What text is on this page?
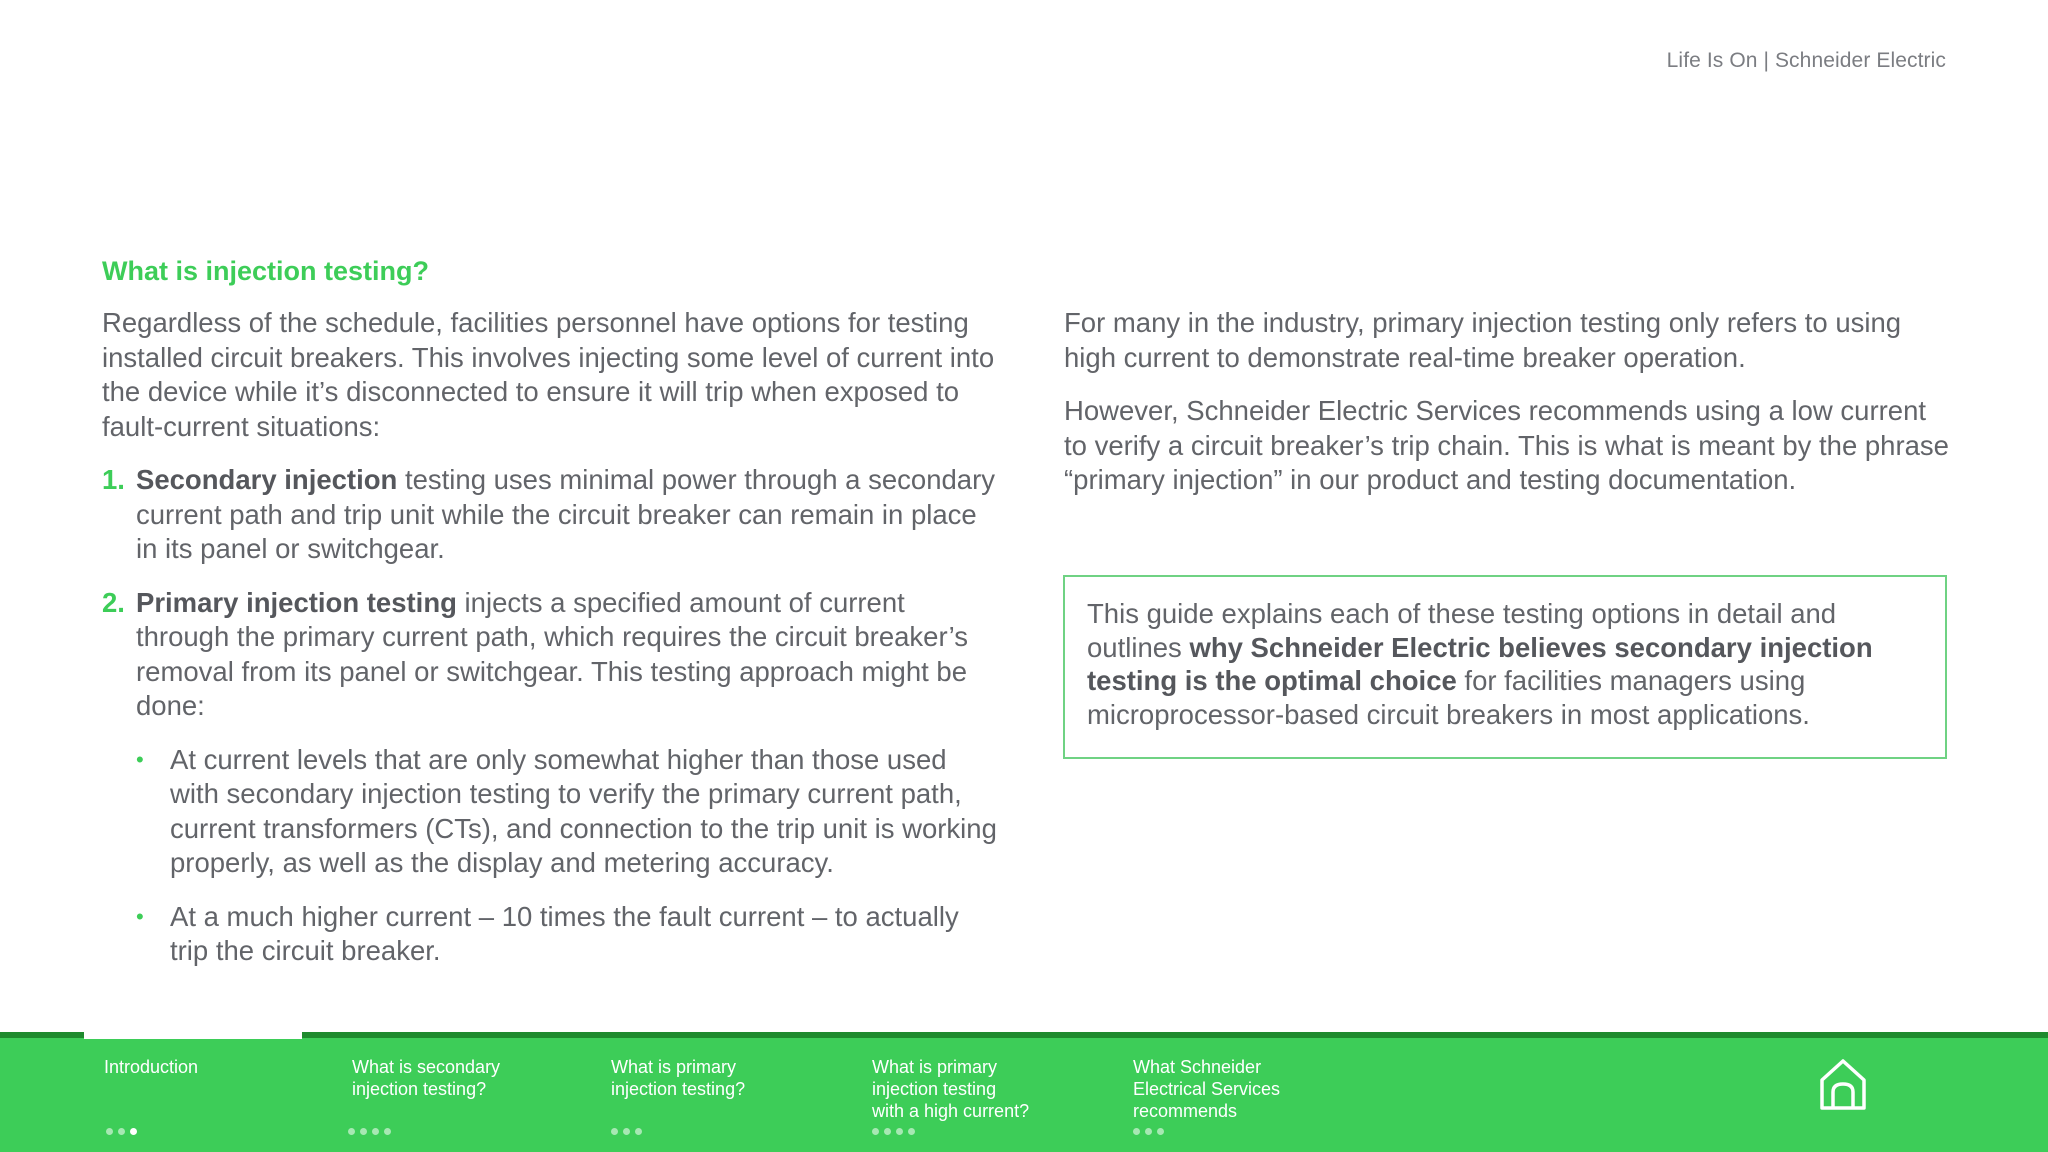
Life Is On | Schneider Electric
What is injection testing?

Regardless of the schedule, facilities personnel have options for testing installed circuit breakers. This involves injecting some level of current into the device while it’s disconnected to ensure it will trip when exposed to fault-current situations:

1. Secondary injection testing uses minimal power through a secondary current path and trip unit while the circuit breaker can remain in place in its panel or switchgear.
2. Primary injection testing injects a specified amount of current through the primary current path, which requires the circuit breaker’s removal from its panel or switchgear. This testing approach might be done:
• At current levels that are only somewhat higher than those used with secondary injection testing to verify the primary current path, current transformers (CTs), and connection to the trip unit is working properly, as well as the display and metering accuracy.
• At a much higher current – 10 times the fault current – to actually trip the circuit breaker.

For many in the industry, primary injection testing only refers to using high current to demonstrate real-time breaker operation.

However, Schneider Electric Services recommends using a low current to verify a circuit breaker’s trip chain. This is what is meant by the phrase “primary injection” in our product and testing documentation.

This guide explains each of these testing options in detail and outlines why Schneider Electric believes secondary injection testing is the optimal choice for facilities managers using microprocessor-based circuit breakers in most applications.
Introduction	What is secondary
injection testing?
What is primary
injection testing?
What is primary
injection testing
with a high current?
What Schneider
Electrical Services
recommends
